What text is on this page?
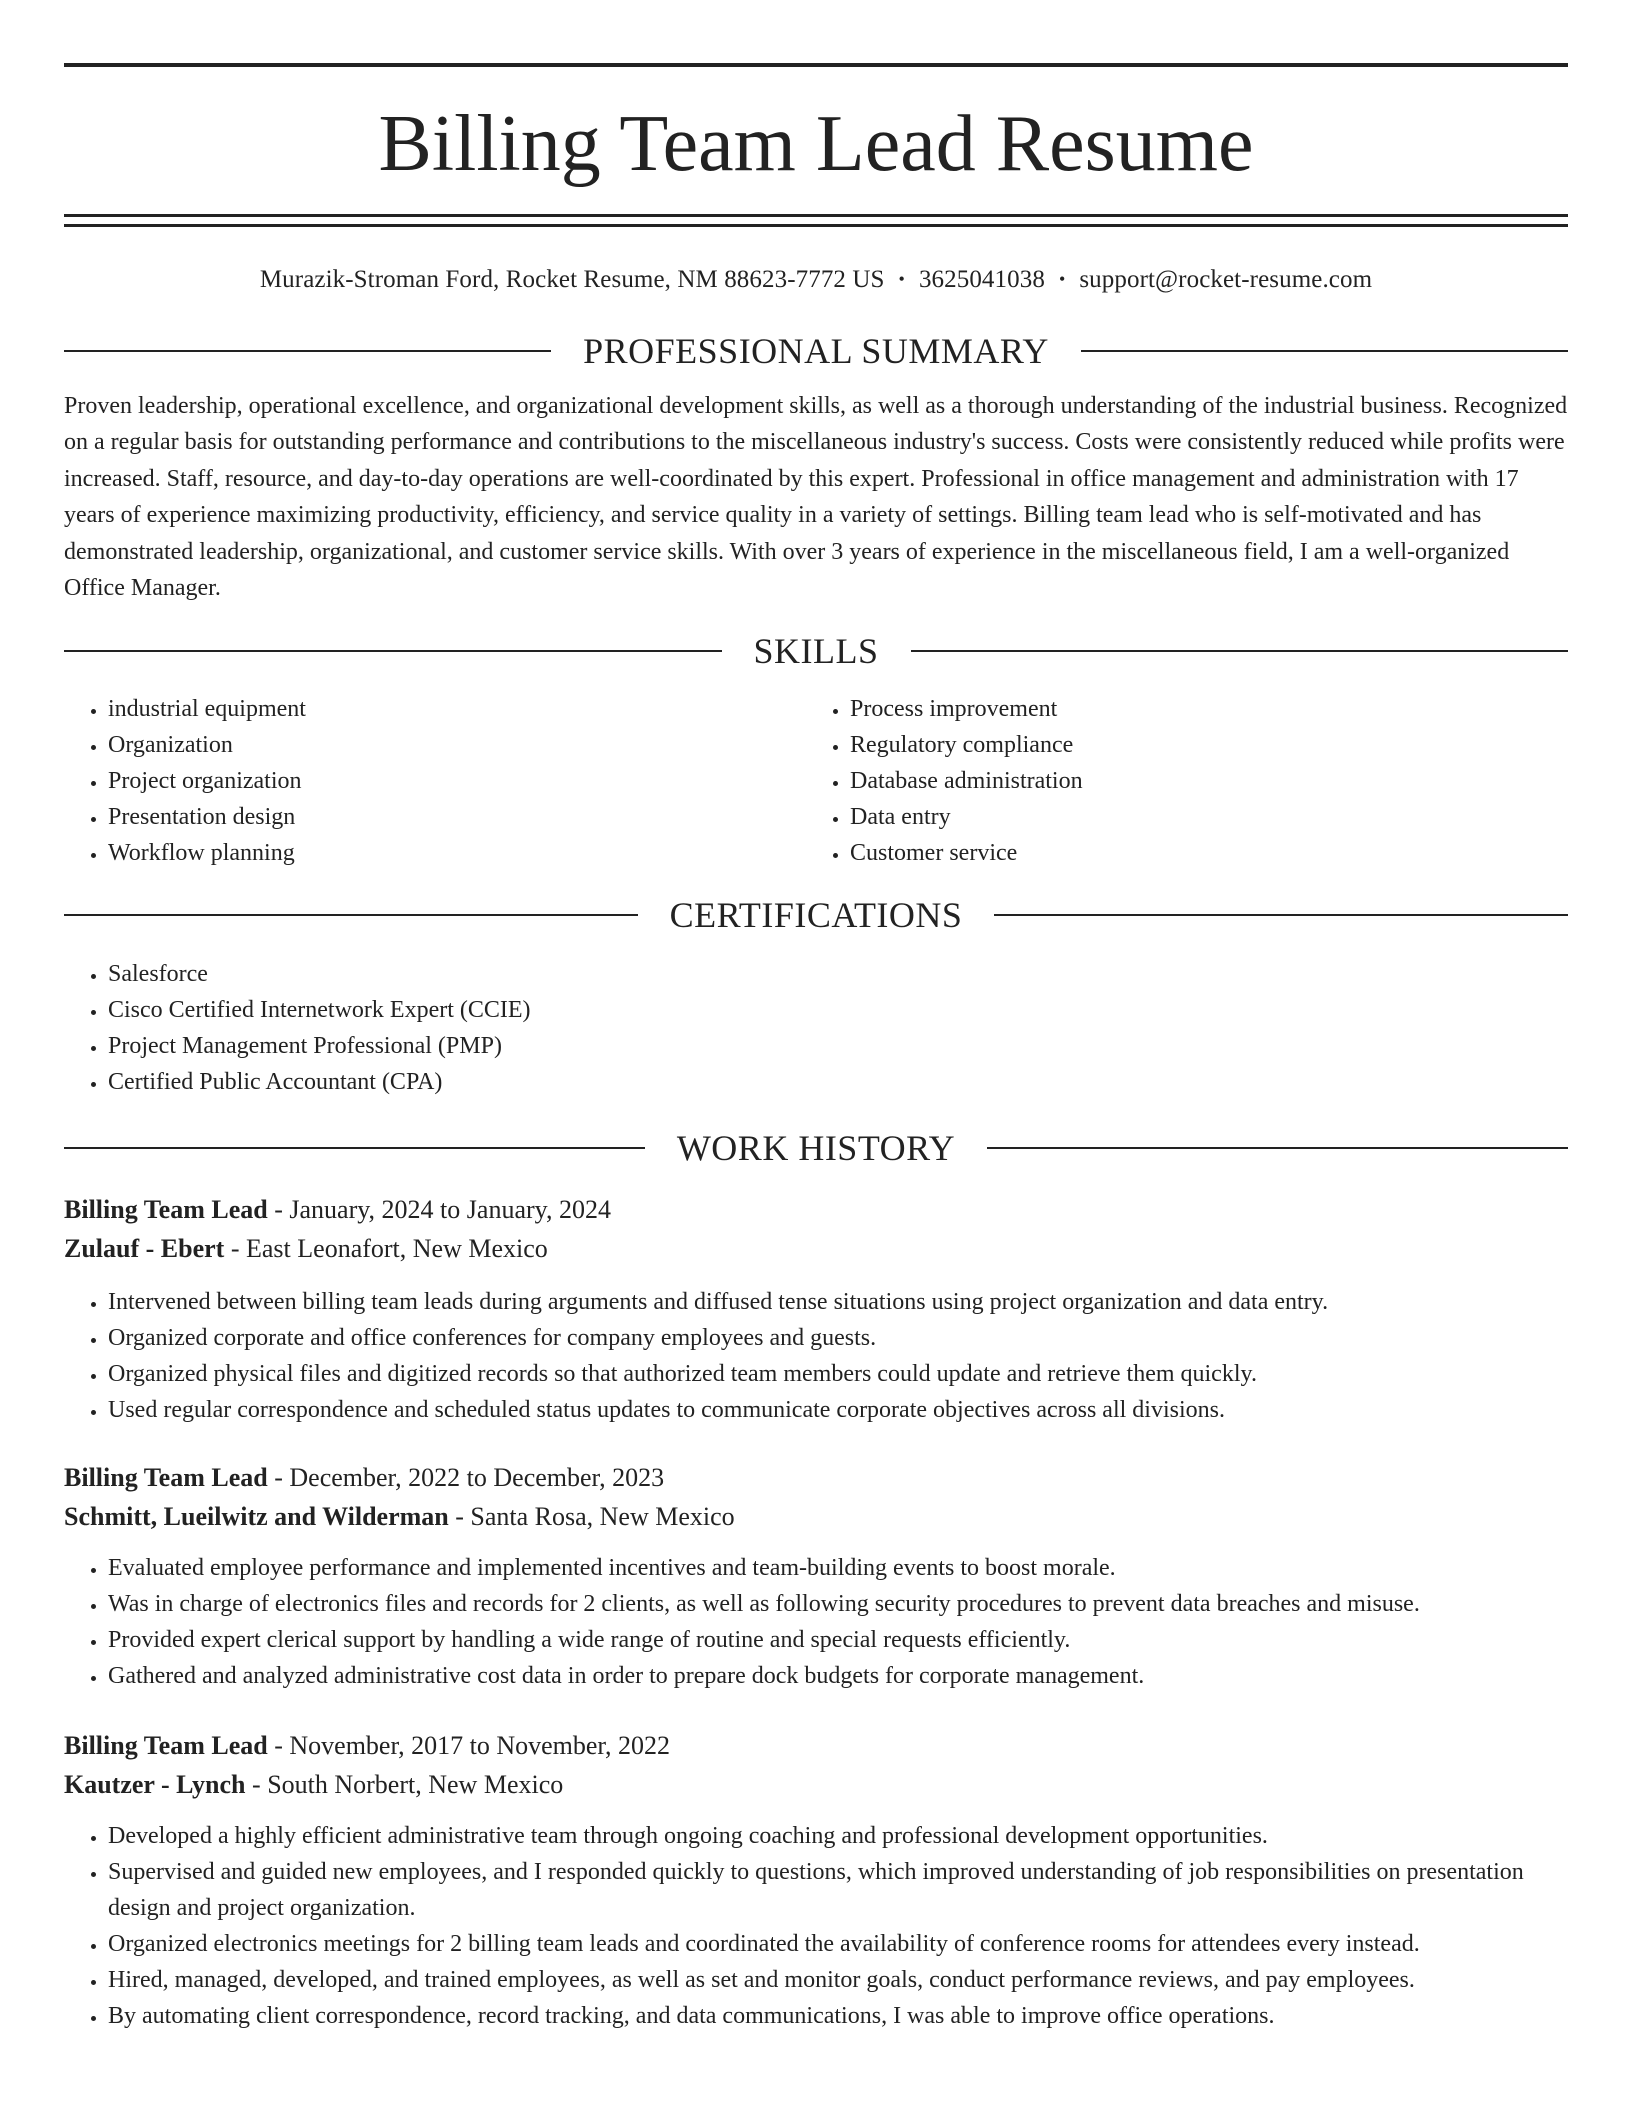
Billing Team Lead Resume
Murazik-Stroman Ford, Rocket Resume, NM 88623-7772 US • 3625041038 • support@rocket-resume.com
PROFESSIONAL SUMMARY

Proven leadership, operational excellence, and organizational development skills, as well as a thorough understanding of the industrial business. Recognized on a regular basis for outstanding performance and contributions to the miscellaneous industry's success. Costs were consistently reduced while profits were increased. Staff, resource, and day-to-day operations are well-coordinated by this expert. Professional in office management and administration with 17 years of experience maximizing productivity, efficiency, and service quality in a variety of settings. Billing team lead who is self-motivated and has demonstrated leadership, organizational, and customer service skills. With over 3 years of experience in the miscellaneous field, I am a well-organized Office Manager.

SKILLS
• industrial equipment
• Organization
• Project organization
• Presentation design
• Workflow planning
• Process improvement
• Regulatory compliance
• Database administration
• Data entry
• Customer service
CERTIFICATIONS
• Salesforce
• Cisco Certified Internetwork Expert (CCIE)
• Project Management Professional (PMP)
• Certified Public Accountant (CPA)
WORK HISTORY

Billing Team Lead - January, 2024 to January, 2024

Zulauf - Ebert - East Leonafort, New Mexico

• Intervened between billing team leads during arguments and diffused tense situations using project organization and data entry.
• Organized corporate and office conferences for company employees and guests.
• Organized physical files and digitized records so that authorized team members could update and retrieve them quickly.
• Used regular correspondence and scheduled status updates to communicate corporate objectives across all divisions.

Billing Team Lead - December, 2022 to December, 2023

Schmitt, Lueilwitz and Wilderman - Santa Rosa, New Mexico

• Evaluated employee performance and implemented incentives and team-building events to boost morale.
• Was in charge of electronics files and records for 2 clients, as well as following security procedures to prevent data breaches and misuse.
• Provided expert clerical support by handling a wide range of routine and special requests efficiently.
• Gathered and analyzed administrative cost data in order to prepare dock budgets for corporate management.

Billing Team Lead - November, 2017 to November, 2022

Kautzer - Lynch - South Norbert, New Mexico

• Developed a highly efficient administrative team through ongoing coaching and professional development opportunities.
• Supervised and guided new employees, and I responded quickly to questions, which improved understanding of job responsibilities on presentation design and project organization.
• Organized electronics meetings for 2 billing team leads and coordinated the availability of conference rooms for attendees every instead.
• Hired, managed, developed, and trained employees, as well as set and monitor goals, conduct performance reviews, and pay employees.
• By automating client correspondence, record tracking, and data communications, I was able to improve office operations.
